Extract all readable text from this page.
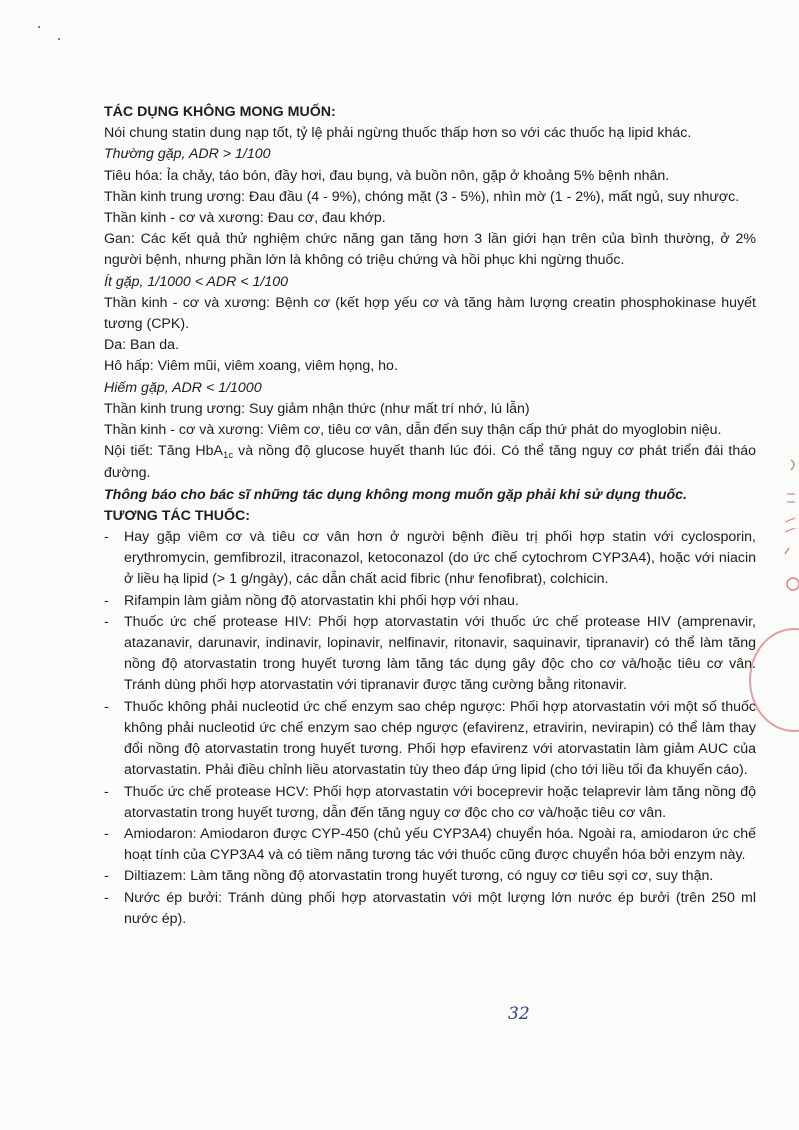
TÁC DỤNG KHÔNG MONG MUỐN:

Nói chung statin dung nạp tốt, tỷ lệ phải ngừng thuốc thấp hơn so với các thuốc hạ lipid khác.

Thường gặp, ADR > 1/100

Tiêu hóa: Ỉa chảy, táo bón, đầy hơi, đau bụng, và buồn nôn, gặp ở khoảng 5% bệnh nhân.

Thần kinh trung ương: Đau đầu (4 - 9%), chóng mặt (3 - 5%), nhìn mờ (1 - 2%), mất ngủ, suy nhược.

Thần kinh - cơ và xương: Đau cơ, đau khớp.

Gan: Các kết quả thử nghiệm chức năng gan tăng hơn 3 lần giới hạn trên của bình thường, ở 2% người bệnh, nhưng phần lớn là không có triệu chứng và hồi phục khi ngừng thuốc.

Ít gặp, 1/1000 < ADR < 1/100

Thần kinh - cơ và xương: Bệnh cơ (kết hợp yếu cơ và tăng hàm lượng creatin phosphokinase huyết tương (CPK).

Da: Ban da.

Hô hấp: Viêm mũi, viêm xoang, viêm họng, ho.

Hiếm gặp, ADR < 1/1000

Thần kinh trung ương: Suy giảm nhận thức (như mất trí nhớ, lú lẫn)

Thần kinh - cơ và xương: Viêm cơ, tiêu cơ vân, dẫn đến suy thận cấp thứ phát do myoglobin niệu.

Nội tiết: Tăng HbA$_{1c}$ và nồng độ glucose huyết thanh lúc đói. Có thể tăng nguy cơ phát triển đái tháo đường.

Thông báo cho bác sĩ những tác dụng không mong muốn gặp phải khi sử dụng thuốc.

TƯƠNG TÁC THUỐC:

- Hay gặp viêm cơ và tiêu cơ vân hơn ở người bệnh điều trị phối hợp statin với cyclosporin, erythromycin, gemfibrozil, itraconazol, ketoconazol (do ức chế cytochrom CYP3A4), hoặc với niacin ở liều hạ lipid (> 1 g/ngày), các dẫn chất acid fibric (như fenofibrat), colchicin.
- Rifampin làm giảm nồng độ atorvastatin khi phối hợp với nhau.
- Thuốc ức chế protease HIV: Phối hợp atorvastatin với thuốc ức chế protease HIV (amprenavir, atazanavir, darunavir, indinavir, lopinavir, nelfinavir, ritonavir, saquinavir, tipranavir) có thể làm tăng nồng độ atorvastatin trong huyết tương làm tăng tác dụng gây độc cho cơ và/hoặc tiêu cơ vân. Tránh dùng phối hợp atorvastatin với tipranavir được tăng cường bằng ritonavir.
- Thuốc không phải nucleotid ức chế enzym sao chép ngược: Phối hợp atorvastatin với một số thuốc không phải nucleotid ức chế enzym sao chép ngược (efavirenz, etravirin, nevirapin) có thể làm thay đổi nồng độ atorvastatin trong huyết tương. Phối hợp efavirenz với atorvastatin làm giảm AUC của atorvastatin. Phải điều chỉnh liều atorvastatin tùy theo đáp ứng lipid (cho tới liều tối đa khuyến cáo).
- Thuốc ức chế protease HCV: Phối hợp atorvastatin với boceprevir hoặc telaprevir làm tăng nồng độ atorvastatin trong huyết tương, dẫn đến tăng nguy cơ độc cho cơ và/hoặc tiêu cơ vân.
- Amiodaron: Amiodaron được CYP-450 (chủ yếu CYP3A4) chuyển hóa. Ngoài ra, amiodaron ức chế hoạt tính của CYP3A4 và có tiềm năng tương tác với thuốc cũng được chuyển hóa bởi enzym này.
- Diltiazem: Làm tăng nồng độ atorvastatin trong huyết tương, có nguy cơ tiêu sợi cơ, suy thận.
- Nước ép bưởi: Tránh dùng phối hợp atorvastatin với một lượng lớn nước ép bưởi (trên 250 ml nước ép).
32
